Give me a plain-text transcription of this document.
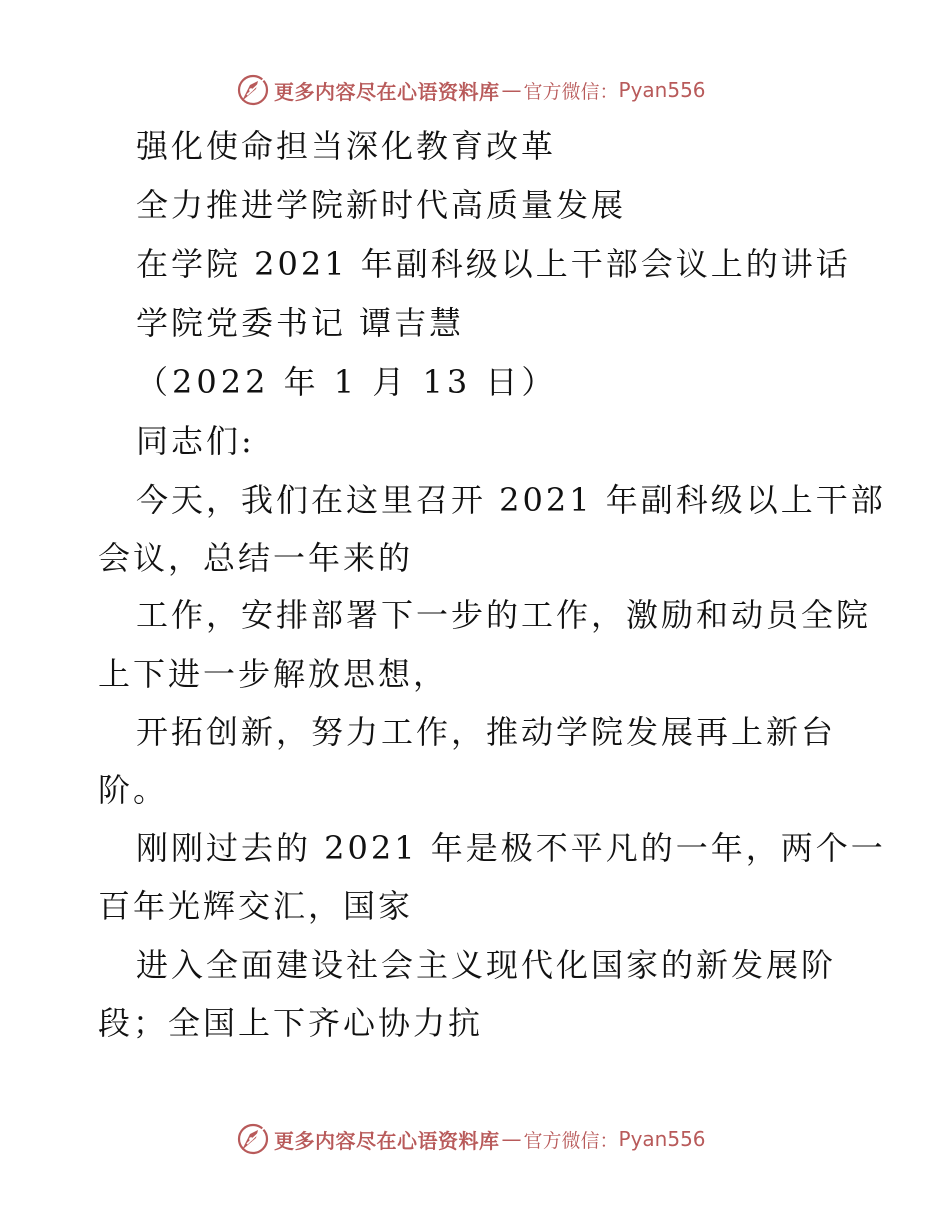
更多内容尽在心语资料库 — 官方微信： Pyan556
强化使命担当深化教育改革
全力推进学院新时代高质量发展
在学院 2021 年副科级以上干部会议上的讲话
学院党委书记 谭吉慧
（2022 年 1 月 13 日）
同志们:
今天，我们在这里召开 2021 年副科级以上干部
会议，总结一年来的
工作，安排部署下一步的工作，激励和动员全院
上下进一步解放思想，
开拓创新，努力工作，推动学院发展再上新台
阶。
刚刚过去的 2021 年是极不平凡的一年，两个一
百年光辉交汇，国家
进入全面建设社会主义现代化国家的新发展阶
段；全国上下齐心协力抗
更多内容尽在心语资料库 — 官方微信： Pyan556
